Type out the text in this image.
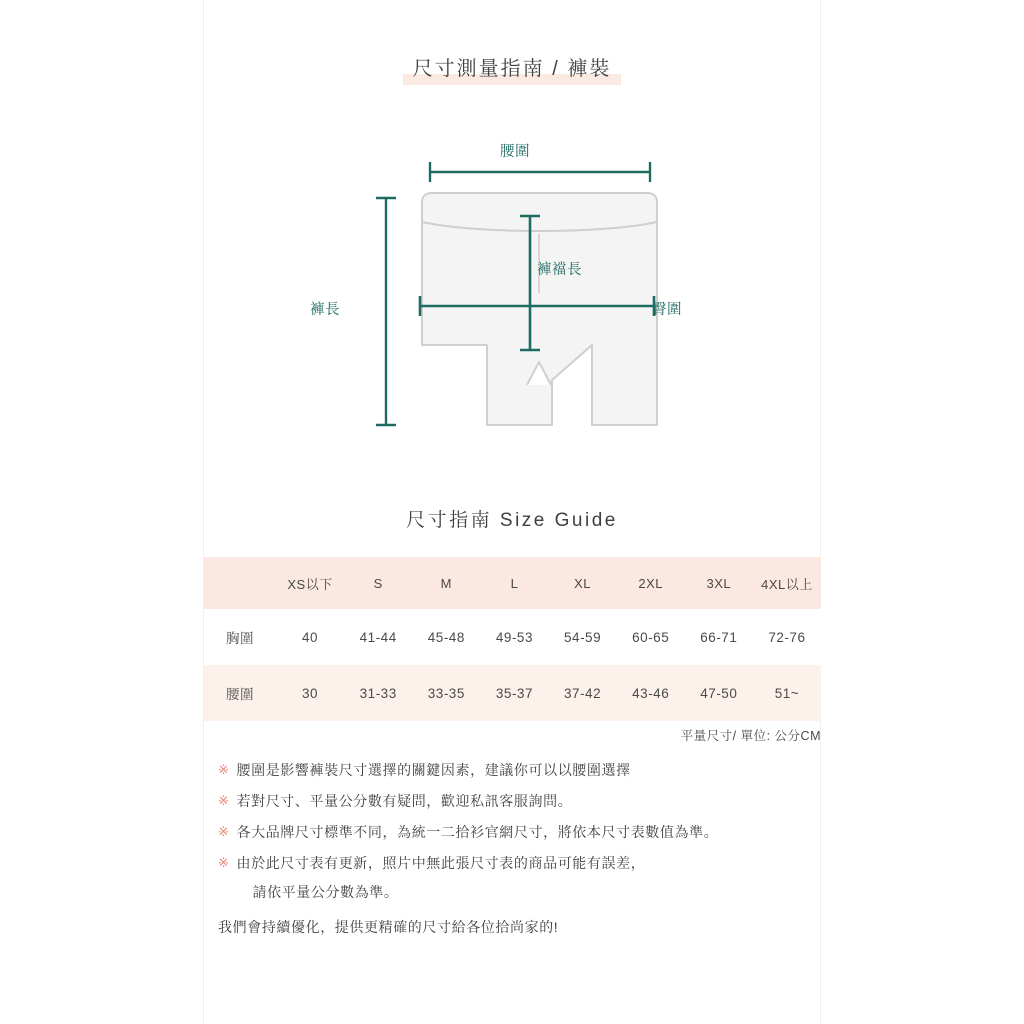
尺寸測量指南 / 褲裝
腰圍
褲襠長
臀圍
褲長
尺寸指南 Size Guide
	XS以下	S	M	L	XL	2XL	3XL	4XL以上
胸圍	40	41-44	45-48	49-53	54-59	60-65	66-71	72-76
腰圍	30	31-33	33-35	35-37	37-42	43-46	47-50	51~
平量尺寸/ 單位: 公分CM
※ 腰圍是影響褲裝尺寸選擇的關鍵因素，建議你可以以腰圍選擇
※ 若對尺寸、平量公分數有疑問，歡迎私訊客服詢問。
※ 各大品牌尺寸標準不同，為統一二拾衫官網尺寸，將依本尺寸表數值為準。
※ 由於此尺寸表有更新，照片中無此張尺寸表的商品可能有誤差，
請依平量公分數為準。
我們會持續優化，提供更精確的尺寸給各位拾尚家的!
